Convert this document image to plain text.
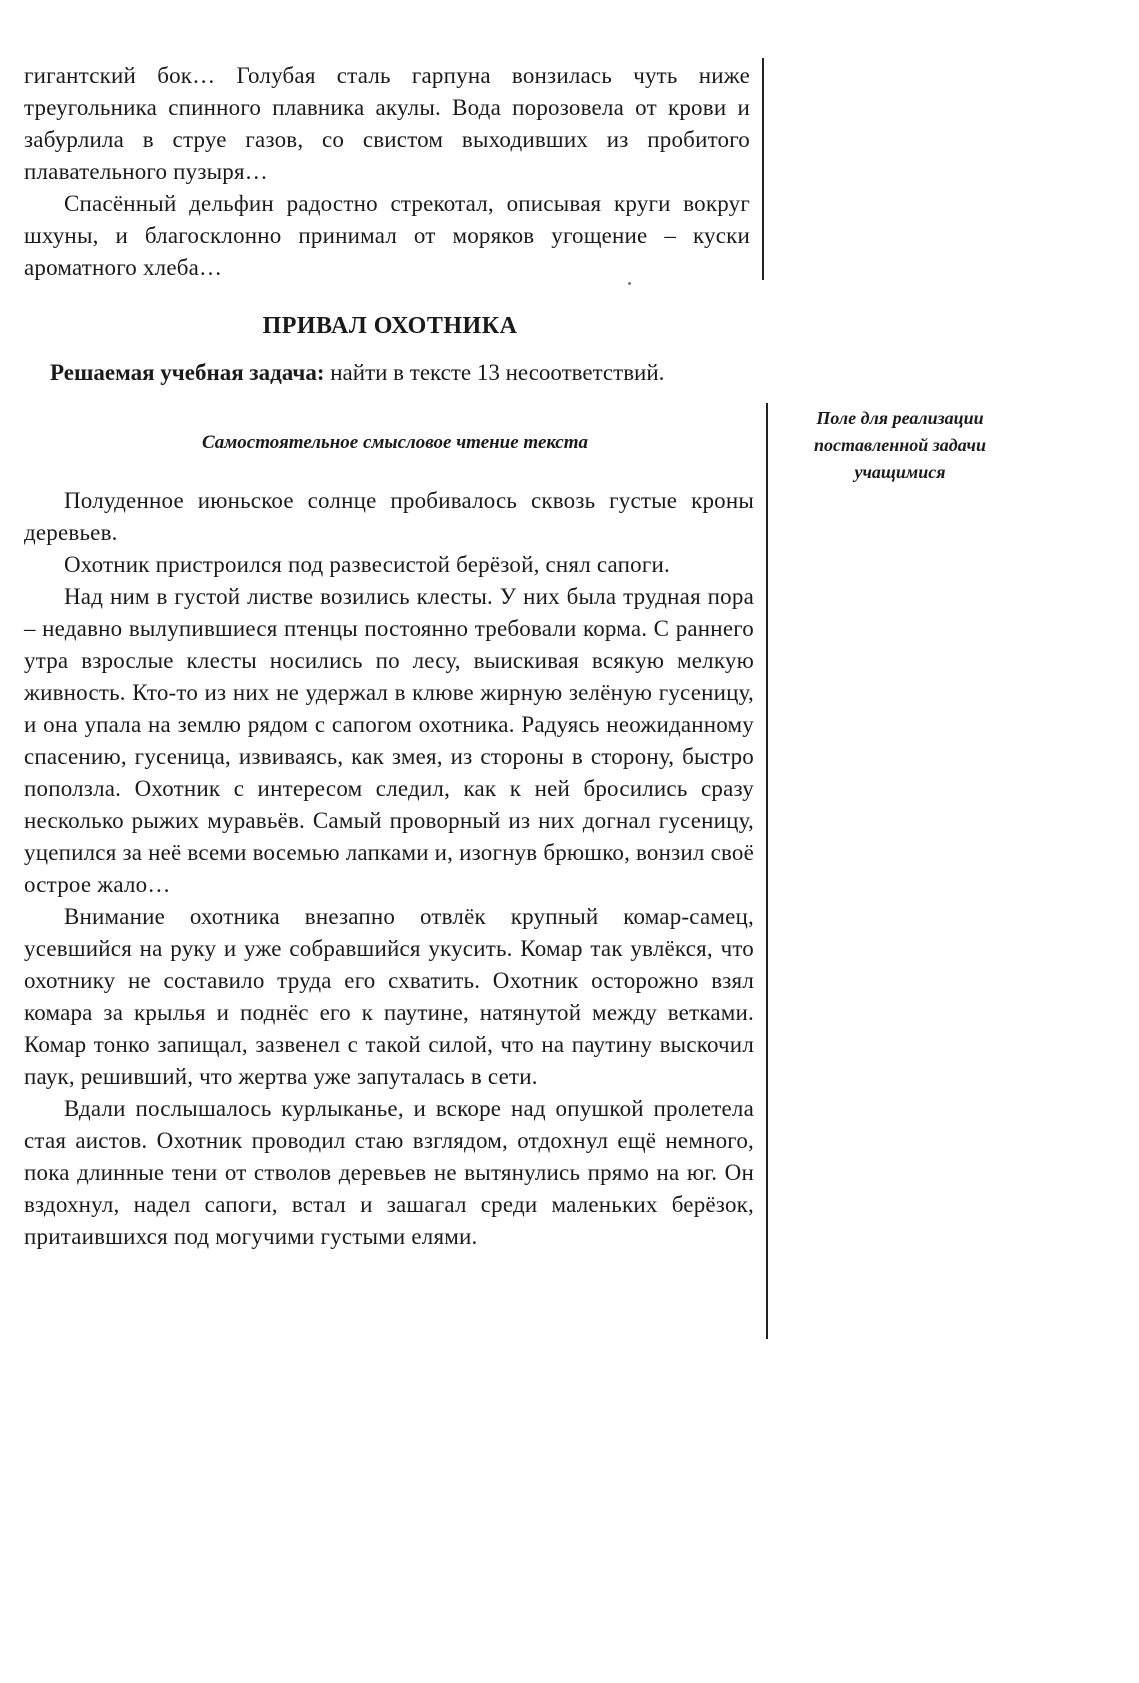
гигантский бок… Голубая сталь гарпуна вонзилась чуть ниже треугольника спинного плавника акулы. Вода порозовела от крови и забурлила в струе газов, со свистом выходивших из пробитого плавательного пузыря…

Спасённый дельфин радостно стрекотал, описывая круги вокруг шхуны, и благосклонно принимал от моряков угощение – куски ароматного хлеба…

ПРИВАЛ ОХОТНИКА
Решаемая учебная задача: найти в тексте 13 несоответствий.
Самостоятельное смысловое чтение текста
Поле для реализации
поставленной задачи
учащимися

Полуденное июньское солнце пробивалось сквозь густые кроны деревьев.

Охотник пристроился под развесистой берёзой, снял сапоги.

Над ним в густой листве возились клесты. У них была трудная пора – недавно вылупившиеся птенцы постоянно требовали корма. С раннего утра взрослые клесты носились по лесу, выискивая всякую мелкую живность. Кто-то из них не удержал в клюве жирную зелёную гусеницу, и она упала на землю рядом с сапогом охотника. Радуясь неожиданному спасению, гусеница, извиваясь, как змея, из стороны в сторону, быстро поползла. Охотник с интересом следил, как к ней бросились сразу несколько рыжих муравьёв. Самый проворный из них догнал гусеницу, уцепился за неё всеми восемью лапками и, изогнув брюшко, вонзил своё острое жало…

Внимание охотника внезапно отвлёк крупный комар-самец, усевшийся на руку и уже собравшийся укусить. Комар так увлёкся, что охотнику не составило труда его схватить. Охотник осторожно взял комара за крылья и поднёс его к паутине, натянутой между ветками. Комар тонко запищал, зазвенел с такой силой, что на паутину выскочил паук, решивший, что жертва уже запуталась в сети.

Вдали послышалось курлыканье, и вскоре над опушкой пролетела стая аистов. Охотник проводил стаю взглядом, отдохнул ещё немного, пока длинные тени от стволов деревьев не вытянулись прямо на юг. Он вздохнул, надел сапоги, встал и зашагал среди маленьких берёзок, притаившихся под могучими густыми елями.
